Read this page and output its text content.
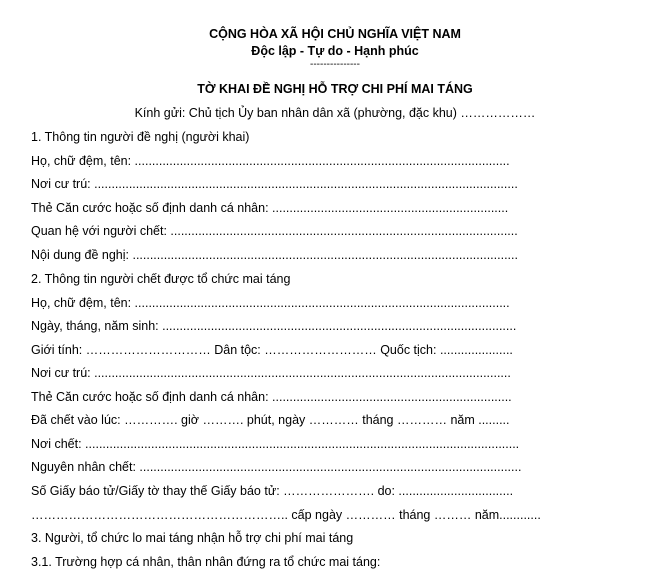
CỘNG HÒA XÃ HỘI CHỦ NGHĨA VIỆT NAM
Độc lập - Tự do - Hạnh phúc
---------------
TỜ KHAI ĐỀ NGHỊ HỖ TRỢ CHI PHÍ MAI TÁNG
Kính gửi: Chủ tịch Ủy ban nhân dân xã (phường, đặc khu) ………………
1. Thông tin người đề nghị (người khai)
Họ, chữ đệm, tên: ............................................................................................................
Nơi cư trú: ..........................................................................................................................
Thẻ Căn cước hoặc số định danh cá nhân: ....................................................................
Quan hệ với người chết: ....................................................................................................
Nội dung đề nghị: ...............................................................................................................
2. Thông tin người chết được tổ chức mai táng
Họ, chữ đệm, tên: ............................................................................................................
Ngày, tháng, năm sinh: ......................................................................................................
Giới tính: ………………………… Dân tộc: ……………………… Quốc tịch: .....................
Nơi cư trú: ........................................................................................................................
Thẻ Căn cước hoặc số định danh cá nhân: .....................................................................
Đã chết vào lúc: …………. giờ ………. phút, ngày ………… tháng ………… năm .........
Nơi chết: .............................................................................................................................
Nguyên nhân chết: ..............................................................................................................
Số Giấy báo tử/Giấy tờ thay thế Giấy báo tử: …………………. do: .................................
…………………………………………………….. cấp ngày ………… tháng ……… năm............
3. Người, tổ chức lo mai táng nhận hỗ trợ chi phí mai táng
3.1. Trường hợp cá nhân, thân nhân đứng ra tổ chức mai táng:
